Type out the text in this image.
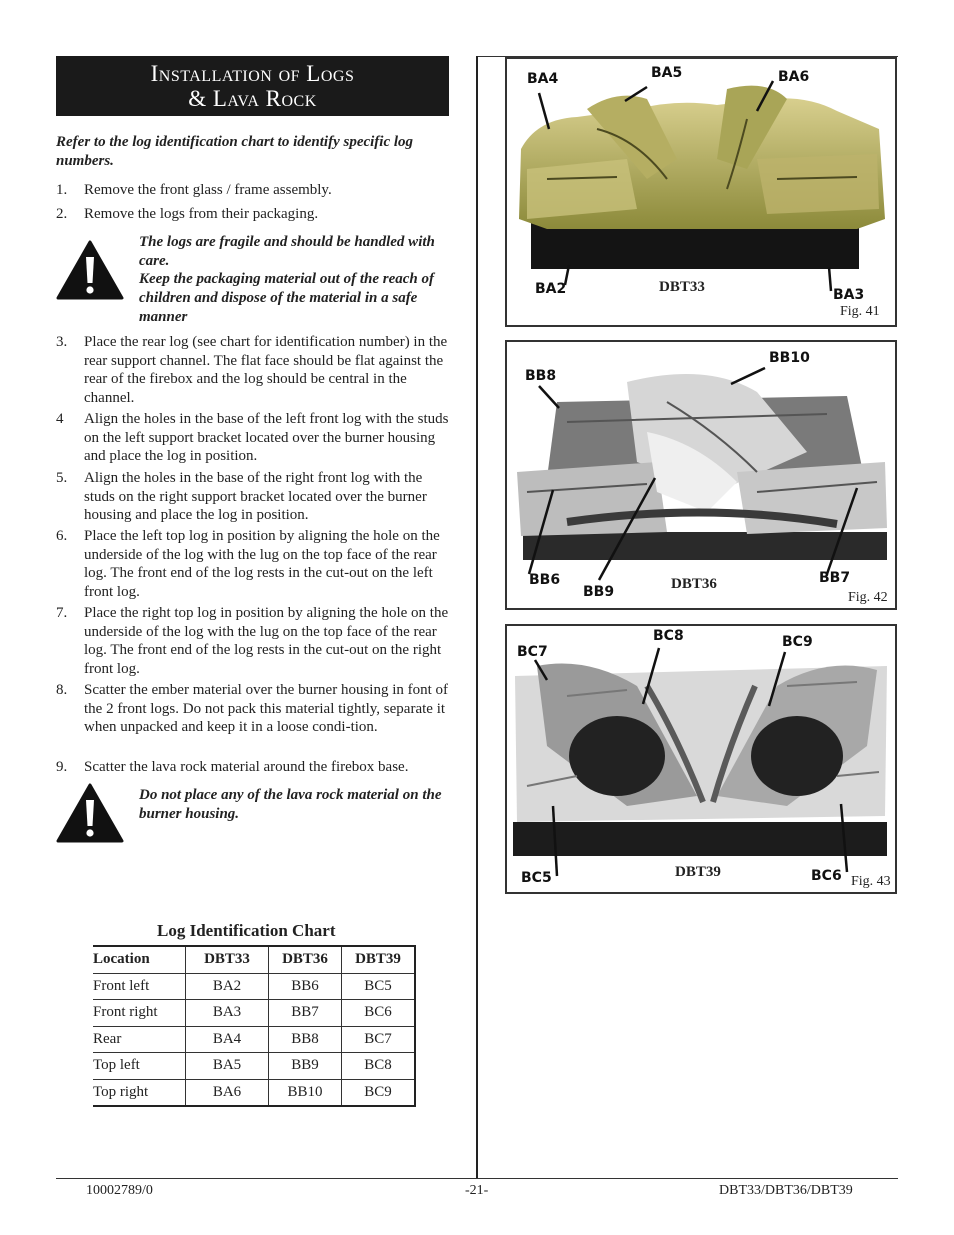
Installation of Logs
& Lava Rock
Refer to the log identification chart to identify specific log numbers.
1. Remove the front glass / frame assembly.
2. Remove the logs from their packaging.
The logs are fragile and should be handled with care.
Keep the packaging material out of the reach of children and dispose of the material in a safe manner
3. Place the rear log (see chart for identification number) in the rear support channel. The flat face should be flat against the rear of the firebox and the log should be central in the channel.
4 Align the holes in the base of the left front log with the studs on the left support bracket located over the burner housing and place the log in position.
5. Align the holes in the base of the right front log with the studs on the right support bracket located over the burner housing and place the log in position.
6. Place the left top log in position by aligning the hole on the underside of the log with the lug on the top face of the rear log. The front end of the log rests in the cut-out on the left front log.
7. Place the right top log in position by aligning the hole on the underside of the log with the lug on the top face of the rear log. The front end of the log rests in the cut-out on the right front log.
8. Scatter the ember material over the burner housing in font of the 2 front logs. Do not pack this material tightly, separate it when unpacked and keep it in a loose condi-tion.
9. Scatter the lava rock material around the firebox base.
Do not place any of the lava rock material on the burner housing.
Log Identification Chart
Location	DBT33	DBT36	DBT39
Front left	BA2	BB6	BC5
Front right	BA3	BB7	BC6
Rear	BA4	BB8	BC7
Top left	BA5	BB9	BC8
Top right	BA6	BB10	BC9
BA4	BA5	BA6
BA2	BA3
DBT33
Fig. 41
BB8
BB10
BB6
BB9
BB7
DBT36
Fig. 42
BC7
BC8	BC9
BC5	BC6
DBT39
Fig. 43
10002789/0	-21-	DBT33/DBT36/DBT39
